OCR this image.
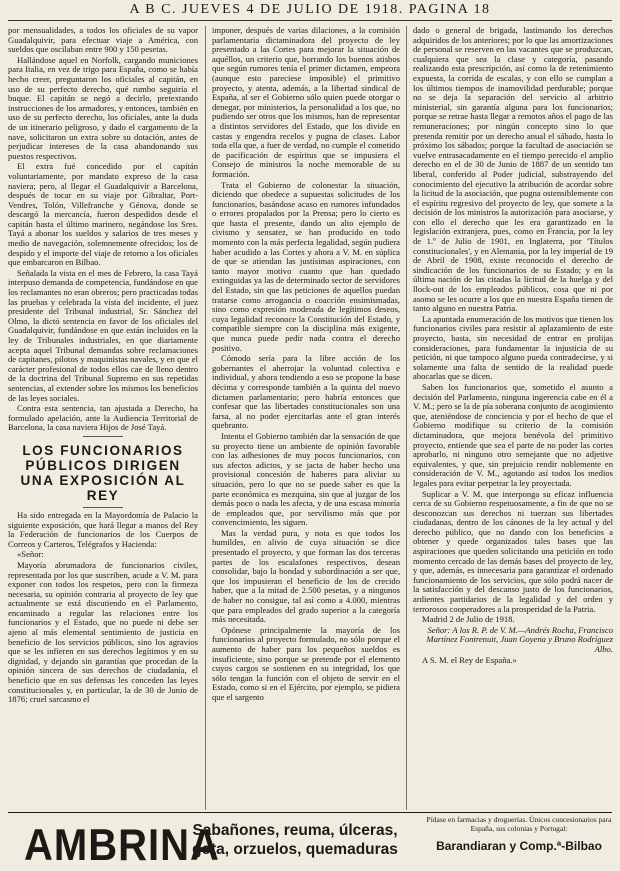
A B C. JUEVES 4 DE JULIO DE 1918. PAGINA 18

por mensualidades, a todos los oficiales de su vapor Guadalquivir, para efectuar viaje a América, con sueldos que oscilaban entre 900 y 150 pesetas.

Hallándose aquel en Norfolk, cargando municiones para Italia, en vez de trigo para España, como se había hecho creer, preguntaron los oficiales al capitán, en uso de su perfecto derecho, qué rumbo seguiría el buque. El capitán se negó a decirlo, pretextando instrucciones de los armadores, y entonces, también en uso de su perfecto derecho, los oficiales, ante la duda de un itinerario peligroso, y dado el cargamento de la nave, solicitaron un extra sobre su dotación, antes de perjudicar intereses de la casa abandonando sus puestos respectivos.

El extra fué concedido por el capitán voluntariamente, por mandato expreso de la casa naviera; pero, al llegar el Guadalquivir a Barcelona, después de tocar en su viaje por Gibraltar, Port-Vendres, Tolón, Villefranche y Génova, donde se descargó la mercancía, fueron despedidos desde el capitán hasta el último marinero, negándose los Sres. Tayá a abonar los sueldos y salarios de tres meses y medio de navegación, solemnemente ofrecidos; los de despido y el importe del viaje de retorno a los oficiales que embarcaron en Bilbao.

Señalada la vista en el mes de Febrero, la casa Tayá interpuso demanda de competencia, fundándose en que los reclamantes no eran obreros; pero practicadas todas las pruebas y celebrada la vista del incidente, el juez presidente del Tribunal industrial, Sr. Sánchez del Olmo, la dictó sentencia en favor de los oficiales del Guadalquivir, fundándose en que están incluidos en la ley de Tribunales industriales, en que diariamente acepta aquel Tribunal demandas sobre reclamaciones de capitanes, pilotos y maquinistas navales, y en que el carácter profesional de todos ellos cae de lleno dentro de la doctrina del Tribunal Supremo en sus repetidas sentencias, al extender sobre los mismos los beneficios de las leyes sociales.

Contra esta sentencia, tan ajustada a Derecho, ha formulado apelación, ante la Audiencia Territorial de Barcelona, la casa naviera Hijos de José Tayá.

LOS FUNCIONARIOS PÚBLICOS DIRIGEN UNA EXPOSICIÓN AL REY

Ha sido entregada en la Mayordomía de Palacio la siguiente exposición, que hará llegar a manos del Rey la Federación de funcionarios de los Cuerpos de Correos y Carteros, Telégrafos y Hacienda:

«Señor:

Mayoría abrumadora de funcionarios civiles, representada por los que suscriben, acude a V. M. para exponer con todos los respetos, pero con la firmeza necesaria, su opinión contraria al proyecto de ley que actualmente se está discutiendo en el Parlamento, encaminado a regular las relaciones entre los funcionarios y el Estado, que no puede ni debe ser ajeno al más elemental sentimiento de justicia en beneficio de los servicios públicos, sino los agravios que se les infieren en sus derechos legítimos y en su dignidad, y dejando sin garantías que procedan de la opinión sincera de sus derechos de ciudadanía, el beneficio que en sus defensas les conceden las leyes constitucionales y, en particular, la de 30 de Junio de 1876; cruel sarcasmo el

imponer, después de varias dilaciones, a la comisión parlamentaria dictaminadora del proyecto de ley presentado a las Cortes para mejorar la situación de aquéllos, un criterio que, borrando los buenos atisbos que según rumores tenía el primer dictamen, empeora (aunque esto pareciese imposible) el primitivo proyecto, y atenta, además, a la libertad sindical de España, al ser el Gobierno sólo quien puede otorgar o denegar, por ministerios, la personalidad a los que, no pudiendo ser otros que los mismos, han de representar a distintos servidores del Estado, que los divide en castas y engendra recelos y pugna de clases. Labor toda ella que, a fuer de verdad, no cumple el cometido de pacificación de espíritus que se impusiera el Consejo de ministros la noche memorable de su formación.

Trata el Gobierno de colonestar la situación, diciendo que obedece a supuestas solicitudes de los funcionarios, basándose acaso en rumores infundados o errores propalados por la Prensa; pero lo cierto es que hasta el presente, dando un alto ejemplo de civismo y sensatez, se han producido en todo momento con la más perfecta legalidad, según pudiera haber acudido a las Cortes y ahora a V. M. en súplica de que se atiendan las justísimas aspiraciones, con tanto mayor motivo cuanto que han quedado extinguidas ya las de determinado sector de servidores del Estado, sin que las peticiones de aquellos puedan tratarse como arrogancia o coacción ensimismadas, sino como expresión moderada de legítimos deseos, cuya legalidad reconoce la Constitución del Estado, y compatible siempre con la disciplina más exigente, que nunca puede pedir nada contra el derecho positivo.

Cómodo sería para la libre acción de los gobernantes el aherrojar la voluntad colectiva e individual, y ahora tendiendo a eso se propone la base décima y corresponde también a la quinta del nuevo dictamen parlamentario; pero habría entonces que confesar que las libertades constitucionales son una farsa, al no poder ejercitarlas ante el gran interés quebranto.

Intenta el Gobierno también dar la sensación de que su proyecto tiene un ambiente de opinión favorable con las adhesiones de muy pocos funcionarios, con sus afectos adictos, y se jacta de haber hecho una provisional concesión de haberes para aliviar su situación, pero lo que no se puede saber es que la parte económica es mezquina, sin que al juzgar de los demás poco o nada les afecta, y de una escasa minoría de empleados que, por servilismo más que por convencimiento, les siguen.

Mas la verdad pura, y nota es que todos los humildes, en alivio de cuya situación se dice presentado el proyecto, y que forman las dos terceras partes de los escalafones respectivos, desean consolidar, bajo la bondad y subordinación a ser que, que los impusieran el beneficio de los de crecido haber, que a la mitad de 2.500 pesetas, y a ningunos de haber no consigue, tal así como a 4.000, mientras que para empleados del grado superior a la categoría más necesitada.

Opónese principalmente la mayoría de los funcionarios al proyecto formulado, no sólo porque el aumento de haber para los pequeños sueldos es insuficiente, sino porque se pretende por el elemento cuyos cargos se sostienen en su integridad, los que sólo tengan la función con el objeto de servir en el Estado, como si en el Ejército, por ejemplo, se pidiera que el sargento

dado o general de brigada, lastimando los derechos adquiridos de los anteriores; por lo que las amortizaciones de personal se reserven en las vacantes que se produzcan, cualquiera que sea la clase y categoría, pasando realizando esta prescripción, así como la de retenimiento expuesta, la corrida de escalas, y con ello se cumplan a los últimos tiempos de inamovilidad perdurable; porque no se deja la separación del servicio al arbitrio ministerial, sin garantía alguna para los funcionarios; porque se retrae hasta llegar a remotos años el pago de las remuneraciones; por ningún concepto sino lo que pretenda remitir por un derecho anual el sábado, hasta lo próximo los sábados; porque la facultad de asociación se vuelve entrasacadamente en el tiempo perecido el amplio derecho en el de 30 de Junio de 1887 de un sentido tan liberal, conferido al Poder judicial, substrayendo del conocimiento del ejecutivo la atribución de acordar sobre la licitud de la asociación, que pugna ostensiblemente con el espíritu regresivo del proyecto de ley, que somete a la decisión de los ministros la autorización para asociarse, y con ello el derecho que les era garantizado en la legislación extranjera, pues, como en Francia, por la ley de 1.º de Julio de 1901, en Inglaterra, por 'Títulos constitucionales', y en Alemania, por la ley imperial de 19 de Abril de 1908, existe reconocido el derecho de sindicación de los funcionarios de su Estado; y en la última nación de las citadas la licitud de la huelga y del llock-out de los empleados públicos, cosa que ni por asomo se les ocurre a los que en nuestra España tienen de tanto alguno en nuestra Patria.

La apuntada enumeración de los motivos que tienen los funcionarios civiles para resistir al aplazamiento de este proyecto, basta, sin necesidad de entrar en prolijas consideraciones, para fundamentar la injusticia de su petición, ni que tampoco alguno pueda contradecirse, y si solamente una falta de sentido de la realidad puede abocarlas que se dicen.

Saben los funcionarios que, sometido el asunto a decisión del Parlamento, ninguna ingerencia cabe en él a V. M.; pero se la de pía soberana conjunto de acogimiento que, ateniéndose de conciencia y por el hecho de que el Gobierno modifique su criterio de la comisión dictaminadora, que mejora benévola del primitivo proyecto, entiende que sea el parte de no poder las cortes aprobarlo, ni ninguno otro semejante que no adjetive equivalentes, y que, sin prejuicio rendir noblemente en consideración de V. M., agotando así todos los medios legales para evitar perpetrar la ley proyectada.

Suplicar a V. M. que interponga su eficaz influencia cerca de su Gobierno respetuosamente, a fin de que no se desconozcan sus derechos ni tuerzan sus libertades ciudadanas, dentro de los cánones de la ley actual y del derecho público, que no dando con los beneficios a obtener y quede organizados tales bases que las aspiraciones que queden solicitando una petición en todo momento cercado de las demás bases del proyecto de ley, y que, además, es innecesaria para garantizar el ordenado funcionamiento de los servicios, que sólo podrá nacer de la satisfacción y del descanso justo de los funcionarios, ardientes partidarios de la legalidad y del orden y terrorosos cooperadores a la prosperidad de la Patria.

Madrid 2 de Julio de 1918.

Señor: A los R. P. de V. M.—Andrés Rocha, Francisco Martínez Fontrenuit, Juan Goyena y Bruno Rodríguez Albo.

A S. M. el Rey de España.»

AMBRINA
Sabañones, reuma, úlceras,
gota, orzuelos, quemaduras
Pídase en farmacias y droguerías. Únicos concesionarios para España, sus colonias y Portugal:
Barandiaran y Comp.ª-Bilbao
